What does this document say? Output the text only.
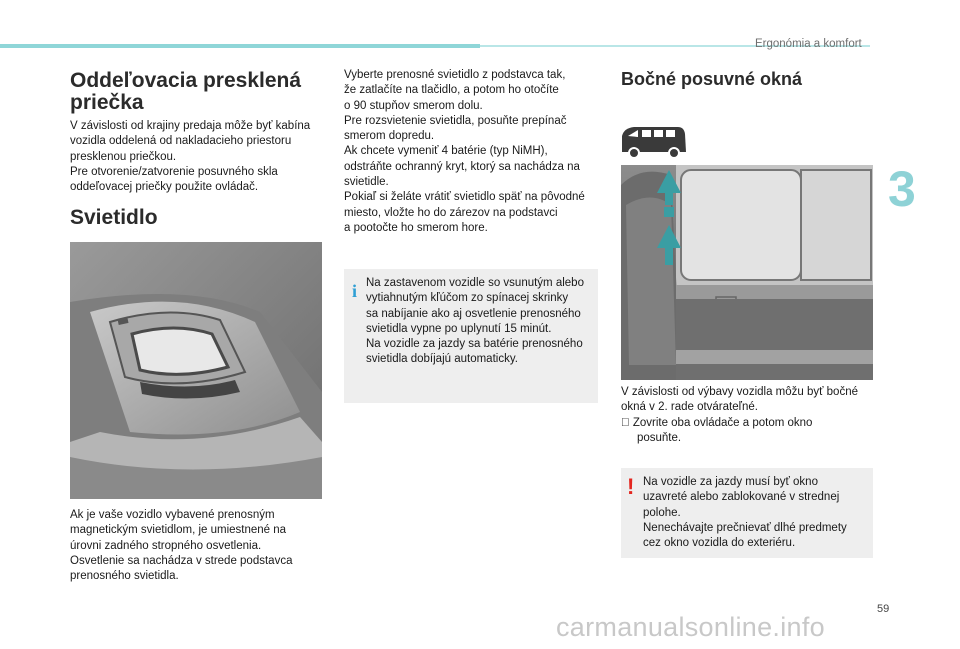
Ergonómia a komfort
3
Oddeľovacia presklená priečka

V závislosti od krajiny predaja môže byť kabína

vozidla oddelená od nakladacieho priestoru

presklenou priečkou.

Pre otvorenie/zatvorenie posuvného skla

oddeľovacej priečky použite ovládač.

Svietidlo

Ak je vaše vozidlo vybavené prenosným

magnetickým svietidlom, je umiestnené na

úrovni zadného stropného osvetlenia.

Osvetlenie sa nachádza v strede podstavca

prenosného svietidla.

Vyberte prenosné svietidlo z podstavca tak,

že zatlačíte na tlačidlo, a potom ho otočíte

o 90 stupňov smerom dolu.

Pre rozsvietenie svietidla, posuňte prepínač

smerom dopredu.

Ak chcete vymeniť 4 batérie (typ NiMH),

odstráňte ochranný kryt, ktorý sa nachádza na

svietidle.

Pokiaľ si želáte vrátiť svietidlo späť na pôvodné

miesto, vložte ho do zárezov na podstavci

a pootočte ho smerom hore.

i Na zastavenom vozidle so vsunutým alebo

vytiahnutým kľúčom zo spínacej skrinky

sa nabíjanie ako aj osvetlenie prenosného

svietidla vypne po uplynutí 15 minút.

Na vozidle za jazdy sa batérie prenosného

svietidla dobíjajú automaticky.

Bočné posuvné okná

V závislosti od výbavy vozidla môžu byť bočné

okná v 2. rade otvárateľné.

Zovrite oba ovládače a potom okno

posuňte.

! Na vozidle za jazdy musí byť okno

uzavreté alebo zablokované v strednej

polohe.

Nenechávajte prečnievať dlhé predmety

cez okno vozidla do exteriéru.

59
carmanualsonline.info
